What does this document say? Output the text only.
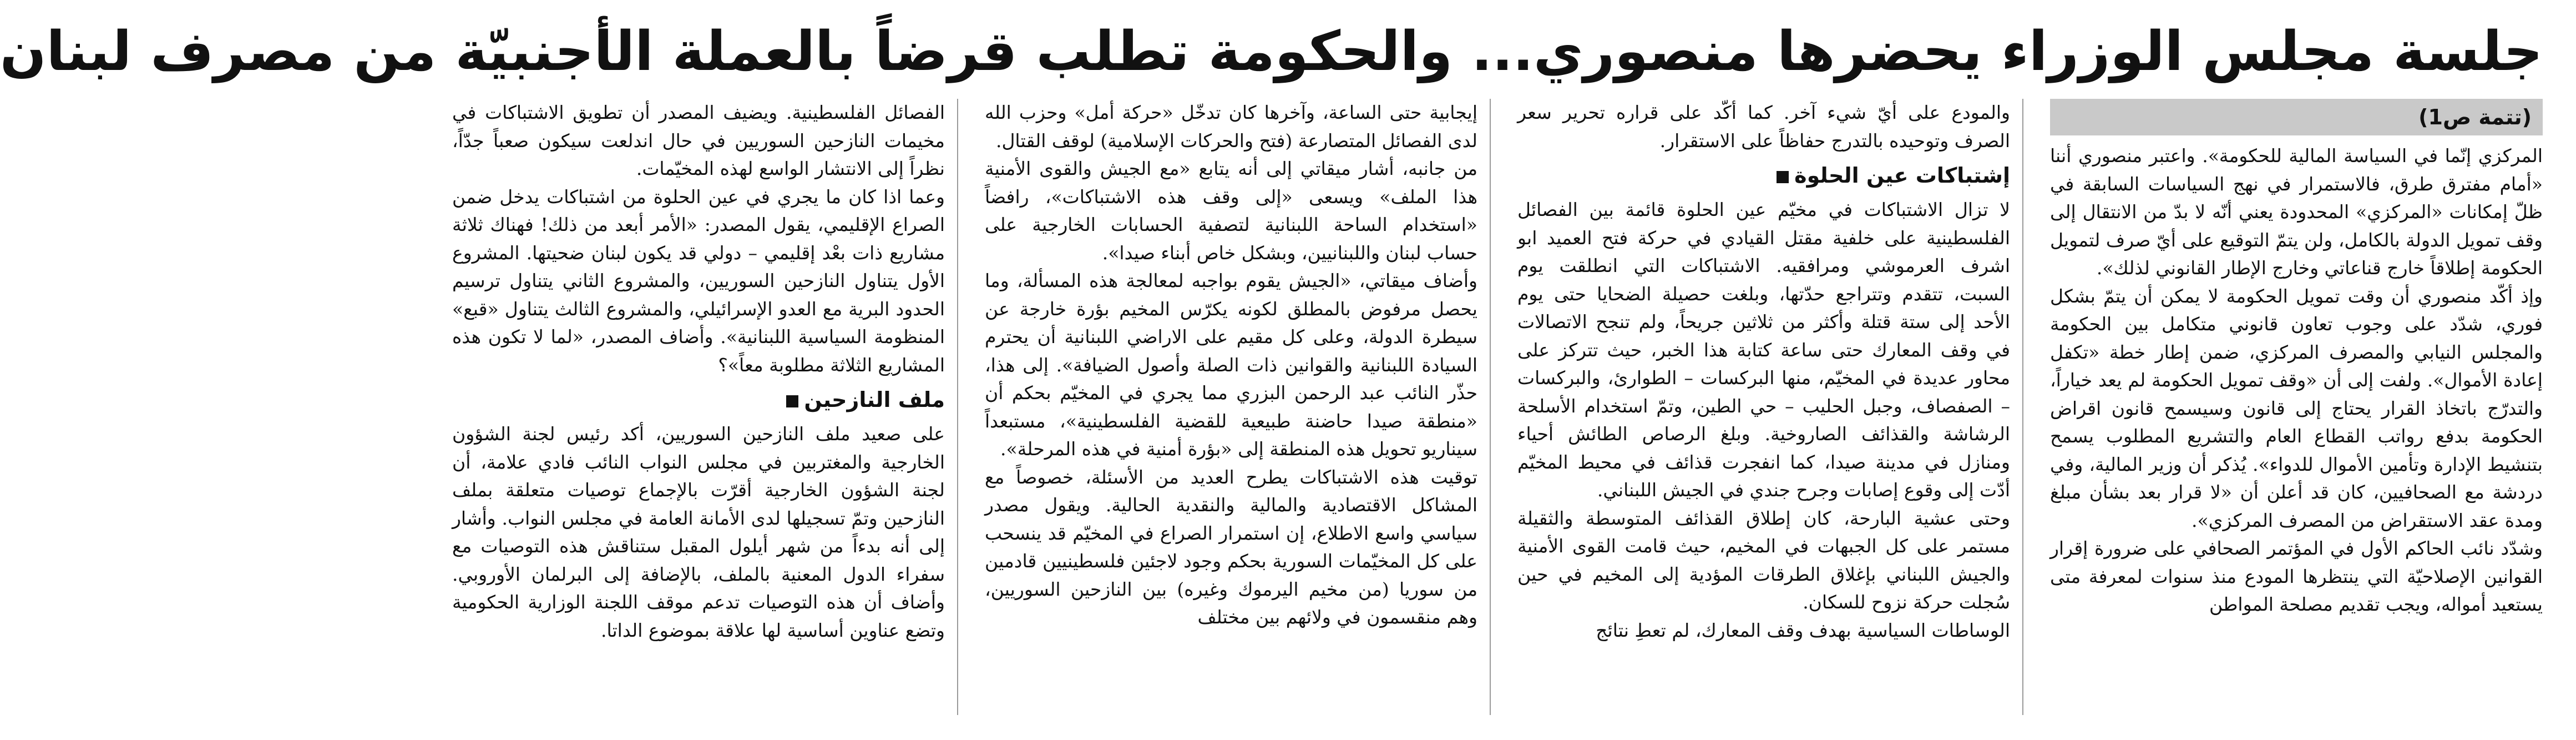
جلسة مجلس الوزراء يحضرها منصوري... والحكومة تطلب قرضاً بالعملة الأجنبيّة من مصرف لبنان
(تتمة ص1)

المركزي إنّما في السياسة المالية للحكومة». واعتبر منصوري أننا «أمام مفترق طرق، فالاستمرار في نهج السياسات السابقة في ظلّ إمكانات «المركزي» المحدودة يعني أنّه لا بدّ من الانتقال إلى وقف تمويل الدولة بالكامل، ولن يتمّ التوقيع على أيّ صرف لتمويل الحكومة إطلاقاً خارج قناعاتي وخارج الإطار القانوني لذلك».

وإذ أكّد منصوري أن وقت تمويل الحكومة لا يمكن أن يتمّ بشكل فوري، شدّد على وجوب تعاون قانوني متكامل بين الحكومة والمجلس النيابي والمصرف المركزي، ضمن إطار خطة «تكفل إعادة الأموال». ولفت إلى أن «وقف تمويل الحكومة لم يعد خياراً، والتدرّج باتخاذ القرار يحتاج إلى قانون وسيسمح قانون اقراض الحكومة بدفع رواتب القطاع العام والتشريع المطلوب يسمح بتنشيط الإدارة وتأمين الأموال للدواء». يُذكر أن وزير المالية، وفي دردشة مع الصحافيين، كان قد أعلن أن «لا قرار بعد بشأن مبلغ ومدة عقد الاستقراض من المصرف المركزي».

وشدّد نائب الحاكم الأول في المؤتمر الصحافي على ضرورة إقرار القوانين الإصلاحيّة التي ينتظرها المودع منذ سنوات لمعرفة متى يستعيد أمواله، ويجب تقديم مصلحة المواطن

والمودع على أيّ شيء آخر. كما أكّد على قراره تحرير سعر الصرف وتوحيده بالتدرج حفاظاً على الاستقرار.

إشتباكات عين الحلوة

لا تزال الاشتباكات في مخيّم عين الحلوة قائمة بين الفصائل الفلسطينية على خلفية مقتل القيادي في حركة فتح العميد ابو اشرف العرموشي ومرافقيه. الاشتباكات التي انطلقت يوم السبت، تتقدم وتتراجع حدّتها، وبلغت حصيلة الضحايا حتى يوم الأحد إلى ستة قتلة وأكثر من ثلاثين جريحاً، ولم تنجح الاتصالات في وقف المعارك حتى ساعة كتابة هذا الخبر، حيث تتركز على محاور عديدة في المخيّم، منها البركسات – الطوارئ، والبركسات – الصفصاف، وجبل الحليب – حي الطين، وتمّ استخدام الأسلحة الرشاشة والقذائف الصاروخية. وبلغ الرصاص الطائش أحياء ومنازل في مدينة صيدا، كما انفجرت قذائف في محيط المخيّم أدّت إلى وقوع إصابات وجرح جندي في الجيش اللبناني.

وحتى عشية البارحة، كان إطلاق القذائف المتوسطة والثقيلة مستمر على كل الجبهات في المخيم، حيث قامت القوى الأمنية والجيش اللبناني بإغلاق الطرقات المؤدية إلى المخيم في حين سُجلت حركة نزوح للسكان.

الوساطات السياسية بهدف وقف المعارك، لم تعطِ نتائج

إيجابية حتى الساعة، وآخرها كان تدخّل «حركة أمل» وحزب الله لدى الفصائل المتصارعة (فتح والحركات الإسلامية) لوقف القتال.

من جانبه، أشار ميقاتي إلى أنه يتابع «مع الجيش والقوى الأمنية هذا الملف» ويسعى «إلى وقف هذه الاشتباكات»، رافضاً «استخدام الساحة اللبنانية لتصفية الحسابات الخارجية على حساب لبنان واللبنانيين، وبشكل خاص أبناء صيدا».

وأضاف ميقاتي، «الجيش يقوم بواجبه لمعالجة هذه المسألة، وما يحصل مرفوض بالمطلق لكونه يكرّس المخيم بؤرة خارجة عن سيطرة الدولة، وعلى كل مقيم على الاراضي اللبنانية أن يحترم السيادة اللبنانية والقوانين ذات الصلة وأصول الضيافة». إلى هذا، حذّر النائب عبد الرحمن البزري مما يجري في المخيّم بحكم أن «منطقة صيدا حاضنة طبيعية للقضية الفلسطينية»، مستبعداً سيناريو تحويل هذه المنطقة إلى «بؤرة أمنية في هذه المرحلة».

توقيت هذه الاشتباكات يطرح العديد من الأسئلة، خصوصاً مع المشاكل الاقتصادية والمالية والنقدية الحالية. ويقول مصدر سياسي واسع الاطلاع، إن استمرار الصراع في المخيّم قد ينسحب على كل المخيّمات السورية بحكم وجود لاجئين فلسطينيين قادمين من سوريا (من مخيم اليرموك وغيره) بين النازحين السوريين، وهم منقسمون في ولائهم بين مختلف

الفصائل الفلسطينية. ويضيف المصدر أن تطويق الاشتباكات في مخيمات النازحين السوريين في حال اندلعت سيكون صعباً جدّاً، نظراً إلى الانتشار الواسع لهذه المخيّمات.

وعما اذا كان ما يجري في عين الحلوة من اشتباكات يدخل ضمن الصراع الإقليمي، يقول المصدر: «الأمر أبعد من ذلك! فهناك ثلاثة مشاريع ذات بعْد إقليمي – دولي قد يكون لبنان ضحيتها. المشروع الأول يتناول النازحين السوريين، والمشروع الثاني يتناول ترسيم الحدود البرية مع العدو الإسرائيلي، والمشروع الثالث يتناول «قبع» المنظومة السياسية اللبنانية». وأضاف المصدر، «لما لا تكون هذه المشاريع الثلاثة مطلوبة معاً»؟

ملف النازحين

على صعيد ملف النازحين السوريين، أكد رئيس لجنة الشؤون الخارجية والمغتربين في مجلس النواب النائب فادي علامة، أن لجنة الشؤون الخارجية أقرّت بالإجماع توصيات متعلقة بملف النازحين وتمّ تسجيلها لدى الأمانة العامة في مجلس النواب. وأشار إلى أنه بدءاً من شهر أيلول المقبل ستناقش هذه التوصيات مع سفراء الدول المعنية بالملف، بالإضافة إلى البرلمان الأوروبي. وأضاف أن هذه التوصيات تدعم موقف اللجنة الوزارية الحكومية وتضع عناوين أساسية لها علاقة بموضوع الداتا.
